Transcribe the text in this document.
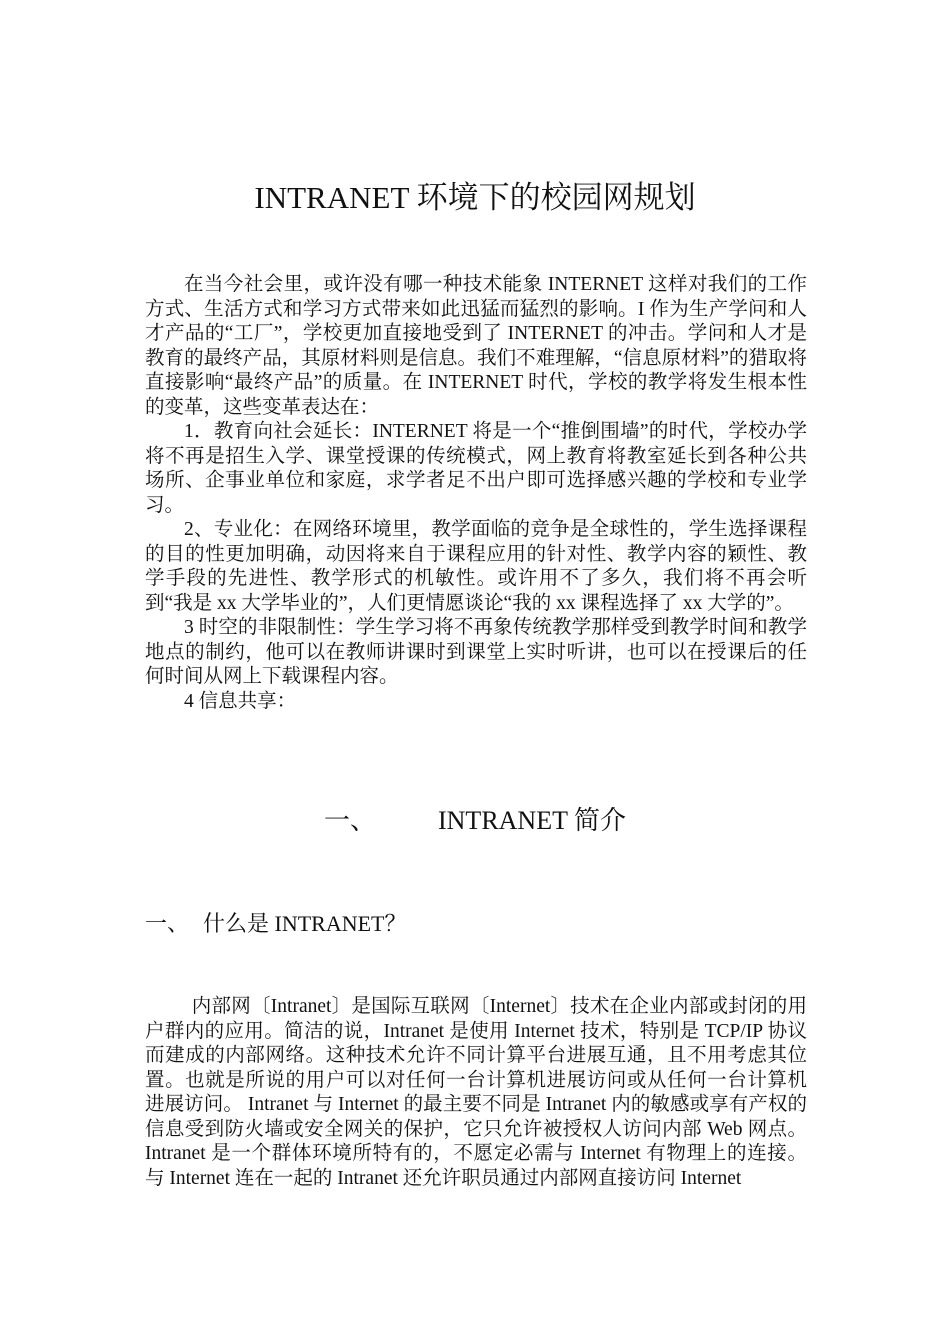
INTRANET 环境下的校园网规划

在当今社会里，或许没有哪一种技术能象 INTERNET 这样对我们的工作方式、生活方式和学习方式带来如此迅猛而猛烈的影响。I 作为生产学问和人才产品的“工厂”，学校更加直接地受到了 INTERNET 的冲击。学问和人才是教育的最终产品，其原材料则是信息。我们不难理解，“信息原材料”的猎取将直接影响“最终产品”的质量。在 INTERNET 时代，学校的教学将发生根本性的变革，这些变革表达在：

1．教育向社会延长：INTERNET 将是一个“推倒围墙”的时代，学校办学将不再是招生入学、课堂授课的传统模式，网上教育将教室延长到各种公共场所、企事业单位和家庭，求学者足不出户即可选择感兴趣的学校和专业学习。

2、专业化：在网络环境里，教学面临的竞争是全球性的，学生选择课程的目的性更加明确，动因将来自于课程应用的针对性、教学内容的颖性、教学手段的先进性、教学形式的机敏性。或许用不了多久，我们将不再会听到“我是 xx 大学毕业的”，人们更情愿谈论“我的 xx 课程选择了 xx 大学的”。

3 时空的非限制性：学生学习将不再象传统教学那样受到教学时间和教学地点的制约，他可以在教师讲课时到课堂上实时听讲，也可以在授课后的任何时间从网上下载课程内容。

4 信息共享：

一、 INTRANET 简介
一、 什么是 INTRANET？

内部网〔Intranet〕是国际互联网〔Internet〕技术在企业内部或封闭的用户群内的应用。简洁的说，Intranet 是使用 Internet 技术，特别是 TCP/IP 协议而建成的内部网络。这种技术允许不同计算平台进展互通，且不用考虑其位置。也就是所说的用户可以对任何一台计算机进展访问或从任何一台计算机进展访问。 Intranet 与 Internet 的最主要不同是 Intranet 内的敏感或享有产权的信息受到防火墙或安全网关的保护，它只允许被授权人访问内部 Web 网点。Intranet 是一个群体环境所特有的，不愿定必需与 Internet 有物理上的连接。与 Internet 连在一起的 Intranet 还允许职员通过内部网直接访问 Internet
